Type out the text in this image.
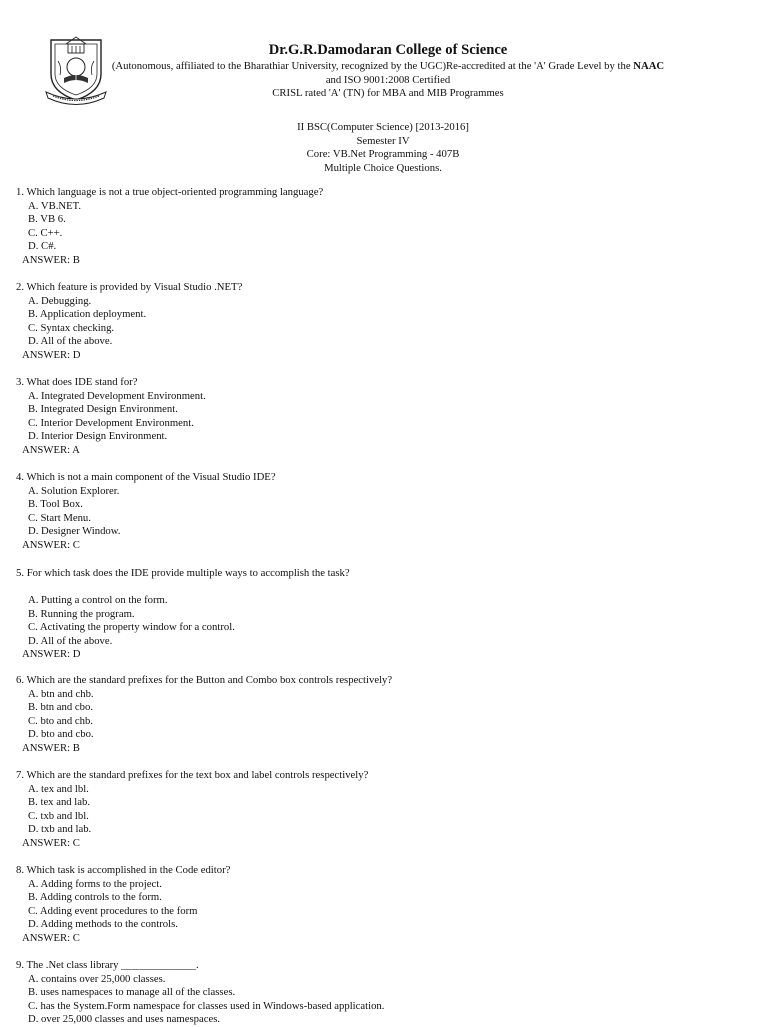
Dr.G.R.Damodaran College of Science
(Autonomous, affiliated to the Bharathiar University, recognized by the UGC)Re-accredited at the 'A' Grade Level by the NAAC
and ISO 9001:2008 Certified
CRISL rated 'A' (TN) for MBA and MIB Programmes
II BSC(Computer Science) [2013-2016]
Semester IV
Core: VB.Net Programming - 407B
Multiple Choice Questions.
1. Which language is not a true object-oriented programming language?
A. VB.NET.
B. VB 6.
C. C++.
D. C#.
ANSWER: B
2. Which feature is provided by Visual Studio .NET?
A. Debugging.
B. Application deployment.
C. Syntax checking.
D. All of the above.
ANSWER: D
3. What does IDE stand for?
A. Integrated Development Environment.
B. Integrated Design Environment.
C. Interior Development Environment.
D. Interior Design Environment.
ANSWER: A
4. Which is not a main component of the Visual Studio IDE?
A. Solution Explorer.
B. Tool Box.
C. Start Menu.
D. Designer Window.
ANSWER: C
5. For which task does the IDE provide multiple ways to accomplish the task?
A. Putting a control on the form.
B. Running the program.
C. Activating the property window for a control.
D. All of the above.
ANSWER: D
6. Which are the standard prefixes for the Button and Combo box controls respectively?
A. btn and chb.
B. btn and cbo.
C. bto and chb.
D. bto and cbo.
ANSWER: B
7. Which are the standard prefixes for the text box and label controls respectively?
A. tex and lbl.
B. tex and lab.
C. txb and lbl.
D. txb and lab.
ANSWER: C
8. Which task is accomplished in the Code editor?
A. Adding forms to the project.
B. Adding controls to the form.
C. Adding event procedures to the form
D. Adding methods to the controls.
ANSWER: C
9. The .Net class library ______________.
A. contains over 25,000 classes.
B. uses namespaces to manage all of the classes.
C. has the System.Form namespace for classes used in Windows-based application.
D. over 25,000 classes and uses namespaces.
